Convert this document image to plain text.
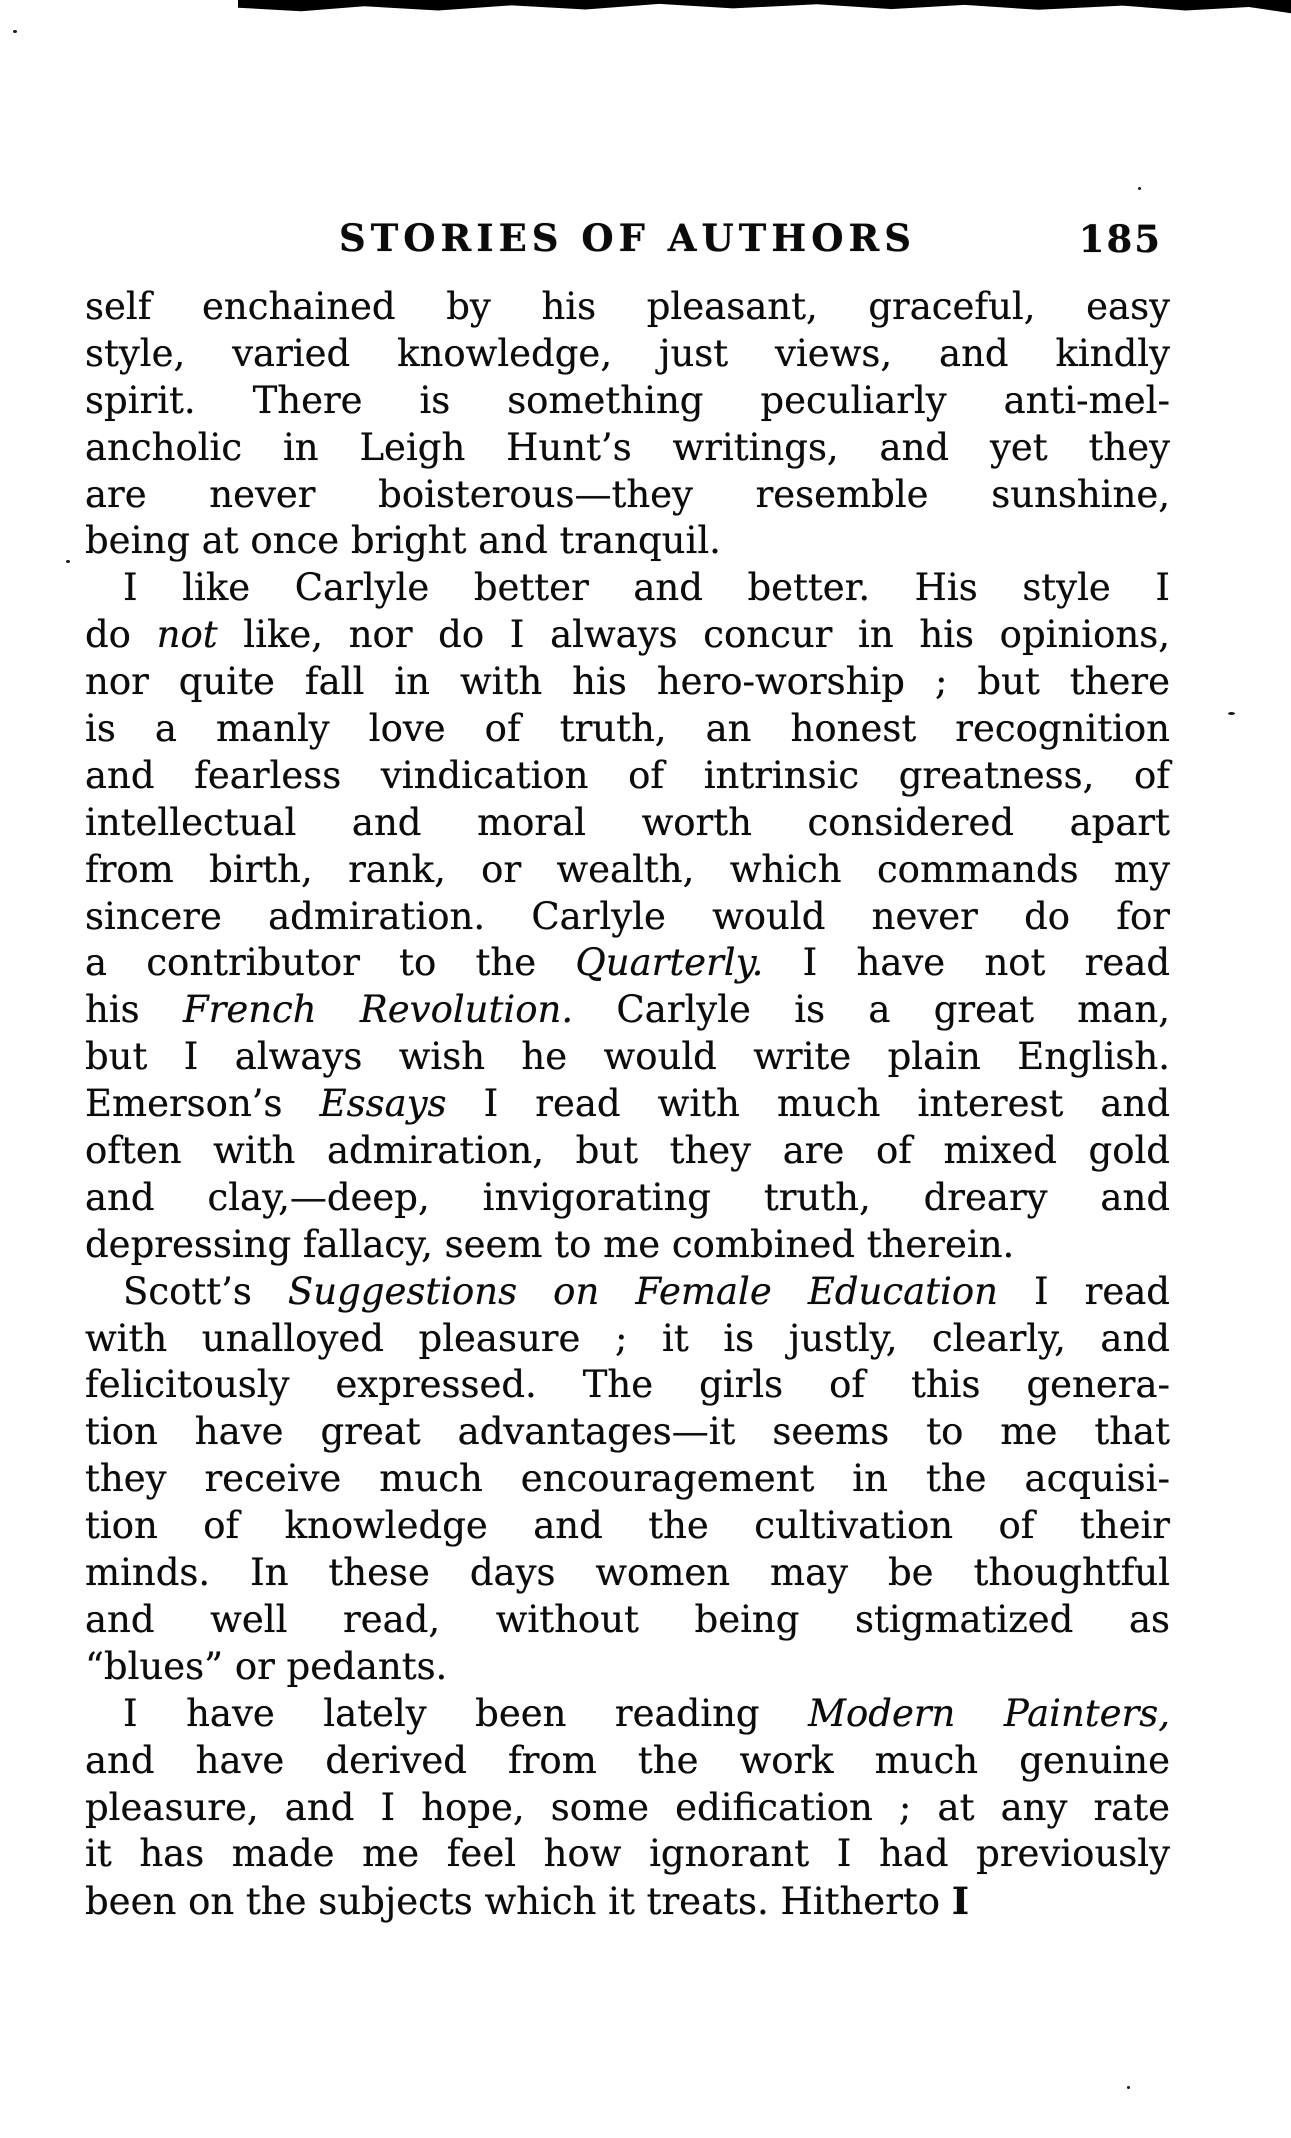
STORIES OF AUTHORS	185
self enchained by his pleasant, graceful, easy
style, varied knowledge, just views, and kindly
spirit. There is something peculiarly anti-mel-
ancholic in Leigh Hunt’s writings, and yet they
are never boisterous—they resemble sunshine,
being at once bright and tranquil.
I like Carlyle better and better. His style I
do not like, nor do I always concur in his opinions,
nor quite fall in with his hero-worship ; but there
is a manly love of truth, an honest recognition
and fearless vindication of intrinsic greatness, of
intellectual and moral worth considered apart
from birth, rank, or wealth, which commands my
sincere admiration. Carlyle would never do for
a contributor to the Quarterly. I have not read
his French Revolution. Carlyle is a great man,
but I always wish he would write plain English.
Emerson’s Essays I read with much interest and
often with admiration, but they are of mixed gold
and clay,—deep, invigorating truth, dreary and
depressing fallacy, seem to me combined therein.
Scott’s Suggestions on Female Education I read
with unalloyed pleasure ; it is justly, clearly, and
felicitously expressed. The girls of this genera-
tion have great advantages—it seems to me that
they receive much encouragement in the acquisi-
tion of knowledge and the cultivation of their
minds. In these days women may be thoughtful
and well read, without being stigmatized as
“blues” or pedants.
I have lately been reading Modern Painters,
and have derived from the work much genuine
pleasure, and I hope, some edification ; at any rate
it has made me feel how ignorant I had previously
been on the subjects which it treats. Hitherto I
